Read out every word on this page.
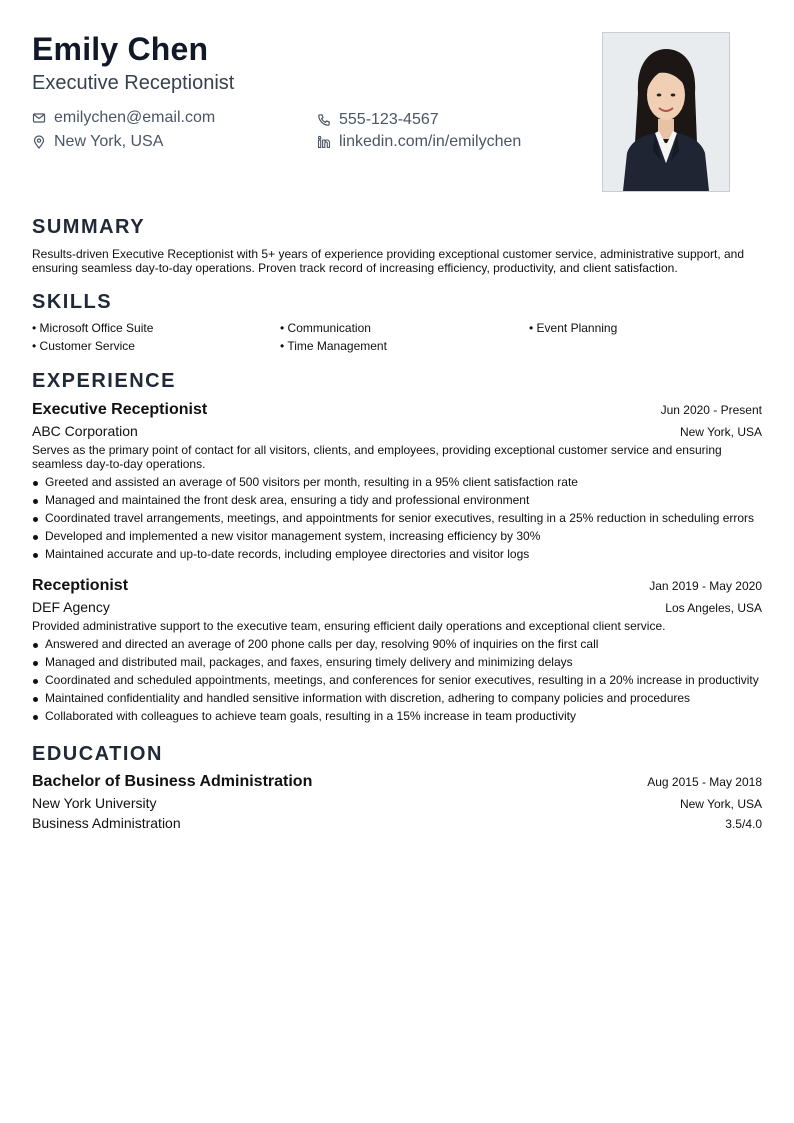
Emily Chen
Executive Receptionist
emilychen@email.com
New York, USA
555-123-4567
linkedin.com/in/emilychen
SUMMARY
Results-driven Executive Receptionist with 5+ years of experience providing exceptional customer service, administrative support, and ensuring seamless day-to-day operations. Proven track record of increasing efficiency, productivity, and client satisfaction.
SKILLS
• Microsoft Office Suite	• Communication	• Event Planning
• Customer Service	• Time Management
EXPERIENCE
Executive Receptionist	Jun 2020 - Present
ABC Corporation	New York, USA
Serves as the primary point of contact for all visitors, clients, and employees, providing exceptional customer service and ensuring seamless day-to-day operations.
Greeted and assisted an average of 500 visitors per month, resulting in a 95% client satisfaction rate
Managed and maintained the front desk area, ensuring a tidy and professional environment
Coordinated travel arrangements, meetings, and appointments for senior executives, resulting in a 25% reduction in scheduling errors
Developed and implemented a new visitor management system, increasing efficiency by 30%
Maintained accurate and up-to-date records, including employee directories and visitor logs
Receptionist	Jan 2019 - May 2020
DEF Agency	Los Angeles, USA
Provided administrative support to the executive team, ensuring efficient daily operations and exceptional client service.
Answered and directed an average of 200 phone calls per day, resolving 90% of inquiries on the first call
Managed and distributed mail, packages, and faxes, ensuring timely delivery and minimizing delays
Coordinated and scheduled appointments, meetings, and conferences for senior executives, resulting in a 20% increase in productivity
Maintained confidentiality and handled sensitive information with discretion, adhering to company policies and procedures
Collaborated with colleagues to achieve team goals, resulting in a 15% increase in team productivity
EDUCATION
Bachelor of Business Administration	Aug 2015 - May 2018
New York University	New York, USA
Business Administration	3.5/4.0
